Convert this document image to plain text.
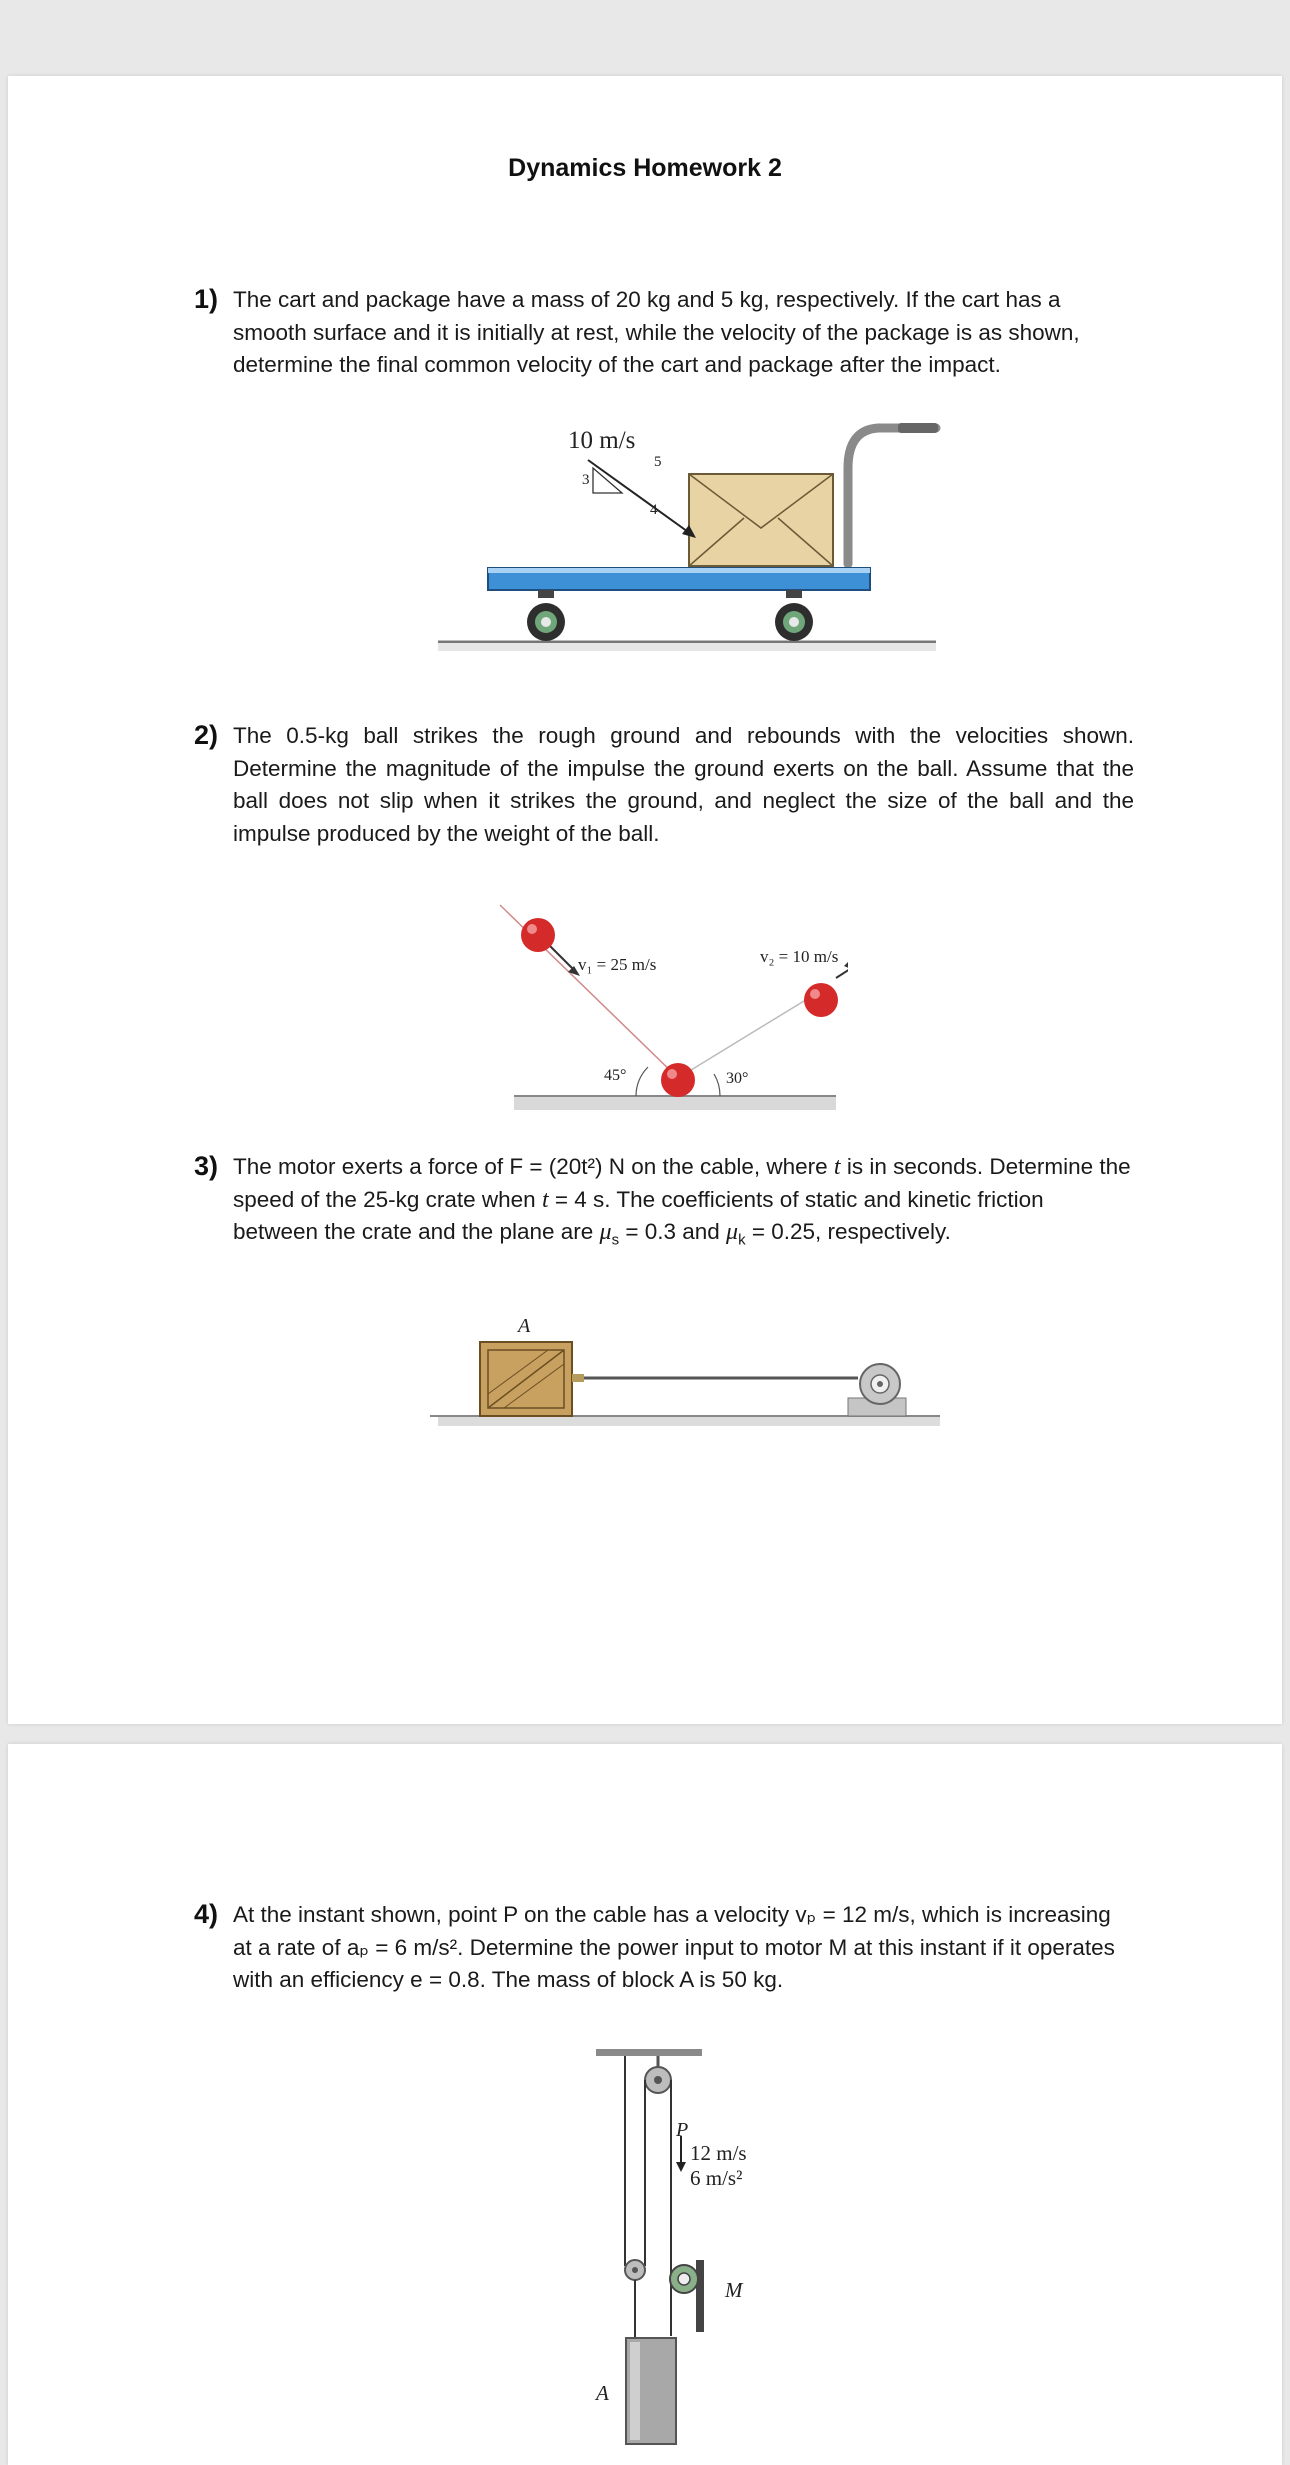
Dynamics Homework 2
1) The cart and package have a mass of 20 kg and 5 kg, respectively. If the cart has a smooth surface and it is initially at rest, while the velocity of the package is as shown, determine the final common velocity of the cart and package after the impact.
10 m/s
3
4
5
2) The 0.5-kg ball strikes the rough ground and rebounds with the velocities shown. Determine the magnitude of the impulse the ground exerts on the ball. Assume that the ball does not slip when it strikes the ground, and neglect the size of the ball and the impulse produced by the weight of the ball.
v₁ = 25 m/s	v₂ = 10 m/s
45°	30°
3) The motor exerts a force of F = (20t²) N on the cable, where t is in seconds. Determine the speed of the 25-kg crate when t = 4 s. The coefficients of static and kinetic friction between the crate and the plane are $\mu_s = 0.3$ and $\mu_k = 0.25$, respectively.
A
4) At the instant shown, point P on the cable has a velocity vₚ = 12 m/s, which is increasing at a rate of aₚ = 6 m/s². Determine the power input to motor M at this instant if it operates with an efficiency e = 0.8. The mass of block A is 50 kg.
P
12 m/s
6 m/s²
M
A
